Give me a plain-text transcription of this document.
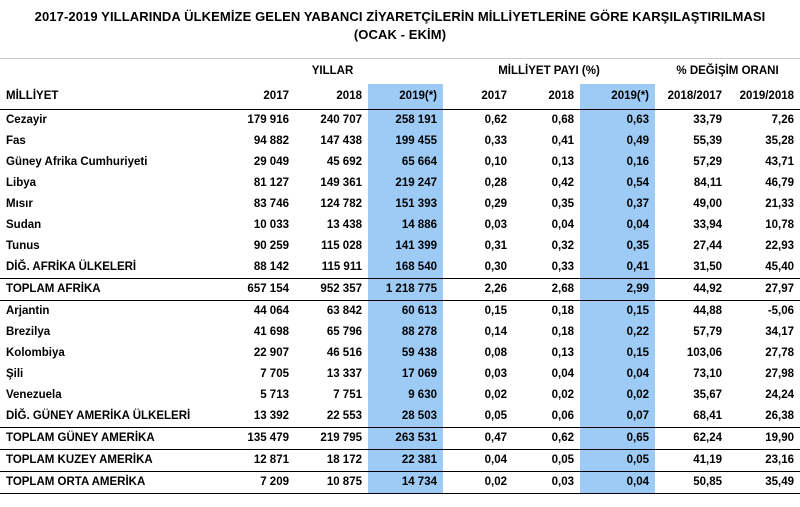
2017-2019 YILLARINDA ÜLKEMİZE GELEN YABANCI ZİYARETÇİLERİN MİLLİYETLERİNE GÖRE KARŞILAŞTIRILMASI
(OCAK - EKİM)
	YILLAR			MİLLİYET PAYI (%)			% DEĞİŞİM ORANI	
MİLLİYET	2017	2018	2019(*)	2017	2018	2019(*)	2018/2017	2019/2018
Cezayir	179 916	240 707	258 191	0,62	0,68	0,63	33,79	7,26
Fas	94 882	147 438	199 455	0,33	0,41	0,49	55,39	35,28
Güney Afrika Cumhuriyeti	29 049	45 692	65 664	0,10	0,13	0,16	57,29	43,71
Libya	81 127	149 361	219 247	0,28	0,42	0,54	84,11	46,79
Mısır	83 746	124 782	151 393	0,29	0,35	0,37	49,00	21,33
Sudan	10 033	13 438	14 886	0,03	0,04	0,04	33,94	10,78
Tunus	90 259	115 028	141 399	0,31	0,32	0,35	27,44	22,93
DİĞ. AFRİKA ÜLKELERİ	88 142	115 911	168 540	0,30	0,33	0,41	31,50	45,40
TOPLAM AFRİKA	657 154	952 357	1 218 775	2,26	2,68	2,99	44,92	27,97
Arjantin	44 064	63 842	60 613	0,15	0,18	0,15	44,88	-5,06
Brezilya	41 698	65 796	88 278	0,14	0,18	0,22	57,79	34,17
Kolombiya	22 907	46 516	59 438	0,08	0,13	0,15	103,06	27,78
Şili	7 705	13 337	17 069	0,03	0,04	0,04	73,10	27,98
Venezuela	5 713	7 751	9 630	0,02	0,02	0,02	35,67	24,24
DİĞ. GÜNEY AMERİKA ÜLKELERİ	13 392	22 553	28 503	0,05	0,06	0,07	68,41	26,38
TOPLAM GÜNEY AMERİKA	135 479	219 795	263 531	0,47	0,62	0,65	62,24	19,90
TOPLAM KUZEY AMERİKA	12 871	18 172	22 381	0,04	0,05	0,05	41,19	23,16
TOPLAM ORTA AMERİKA	7 209	10 875	14 734	0,02	0,03	0,04	50,85	35,49
